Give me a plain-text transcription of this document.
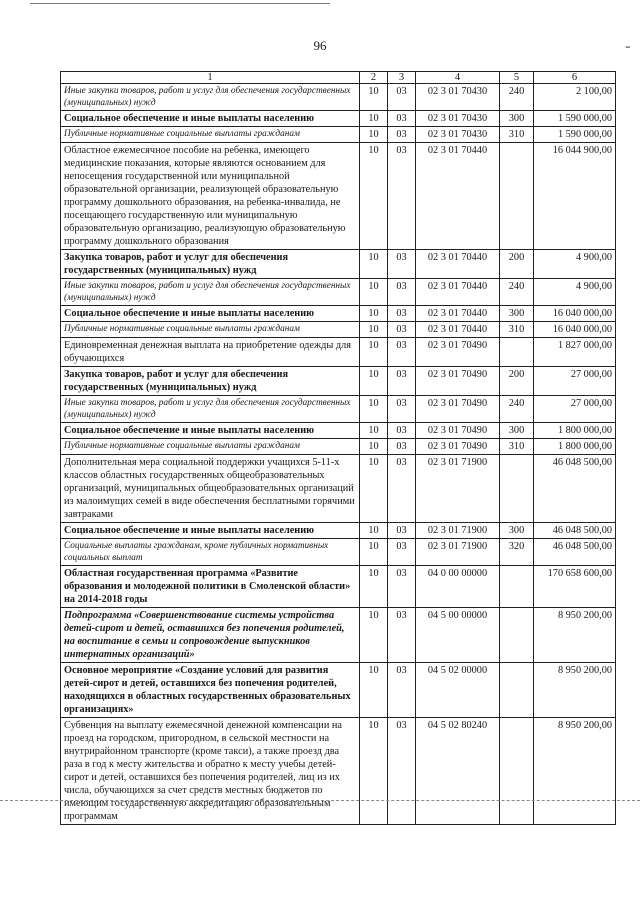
╴
96
1	2	3	4	5	6
Иные закупки товаров, работ и услуг для обеспечения государственных (муниципальных) нужд	10	03	02 3 01 70430	240	2 100,00
Социальное обеспечение и иные выплаты населению	10	03	02 3 01 70430	300	1 590 000,00
Публичные нормативные социальные выплаты гражданам	10	03	02 3 01 70430	310	1 590 000,00
Областное ежемесячное пособие на ребенка, имеющего медицинские показания, которые являются основанием для непосещения государственной или муниципальной образовательной организации, реализующей образовательную программу дошкольного образования, на ребенка-инвалида, не посещающего государственную или муниципальную образовательную организацию, реализующую образовательную программу дошкольного образования	10	03	02 3 01 70440		16 044 900,00
Закупка товаров, работ и услуг для обеспечения государственных (муниципальных) нужд	10	03	02 3 01 70440	200	4 900,00
Иные закупки товаров, работ и услуг для обеспечения государственных (муниципальных) нужд	10	03	02 3 01 70440	240	4 900,00
Социальное обеспечение и иные выплаты населению	10	03	02 3 01 70440	300	16 040 000,00
Публичные нормативные социальные выплаты гражданам	10	03	02 3 01 70440	310	16 040 000,00
Единовременная денежная выплата на приобретение одежды для обучающихся	10	03	02 3 01 70490		1 827 000,00
Закупка товаров, работ и услуг для обеспечения государственных (муниципальных) нужд	10	03	02 3 01 70490	200	27 000,00
Иные закупки товаров, работ и услуг для обеспечения государственных (муниципальных) нужд	10	03	02 3 01 70490	240	27 000,00
Социальное обеспечение и иные выплаты населению	10	03	02 3 01 70490	300	1 800 000,00
Публичные нормативные социальные выплаты гражданам	10	03	02 3 01 70490	310	1 800 000,00
Дополнительная мера социальной поддержки учащихся 5-11-х классов областных государственных общеобразовательных организаций, муниципальных общеобразовательных организаций из малоимущих семей в виде обеспечения бесплатными горячими завтраками	10	03	02 3 01 71900		46 048 500,00
Социальное обеспечение и иные выплаты населению	10	03	02 3 01 71900	300	46 048 500,00
Социальные выплаты гражданам, кроме публичных нормативных социальных выплат	10	03	02 3 01 71900	320	46 048 500,00
Областная государственная программа «Развитие образования и молодежной политики в Смоленской области» на 2014-2018 годы	10	03	04 0 00 00000		170 658 600,00
Подпрограмма «Совершенствование системы устройства детей-сирот и детей, оставшихся без попечения родителей, на воспитание в семьи и сопровождение выпускников интернатных организаций»	10	03	04 5 00 00000		8 950 200,00
Основное мероприятие «Создание условий для развития детей-сирот и детей, оставшихся без попечения родителей, находящихся в областных государственных образовательных организациях»	10	03	04 5 02 00000		8 950 200,00
Субвенция на выплату ежемесячной денежной компенсации на проезд на городском, пригородном, в сельской местности на внутрирайонном транспорте (кроме такси), а также проезд два раза в год к месту жительства и обратно к месту учебы детей-сирот и детей, оставшихся без попечения родителей, лиц из их числа, обучающихся за счет средств местных бюджетов по имеющим государственную аккредитацию образовательным программам	10	03	04 5 02 80240		8 950 200,00
